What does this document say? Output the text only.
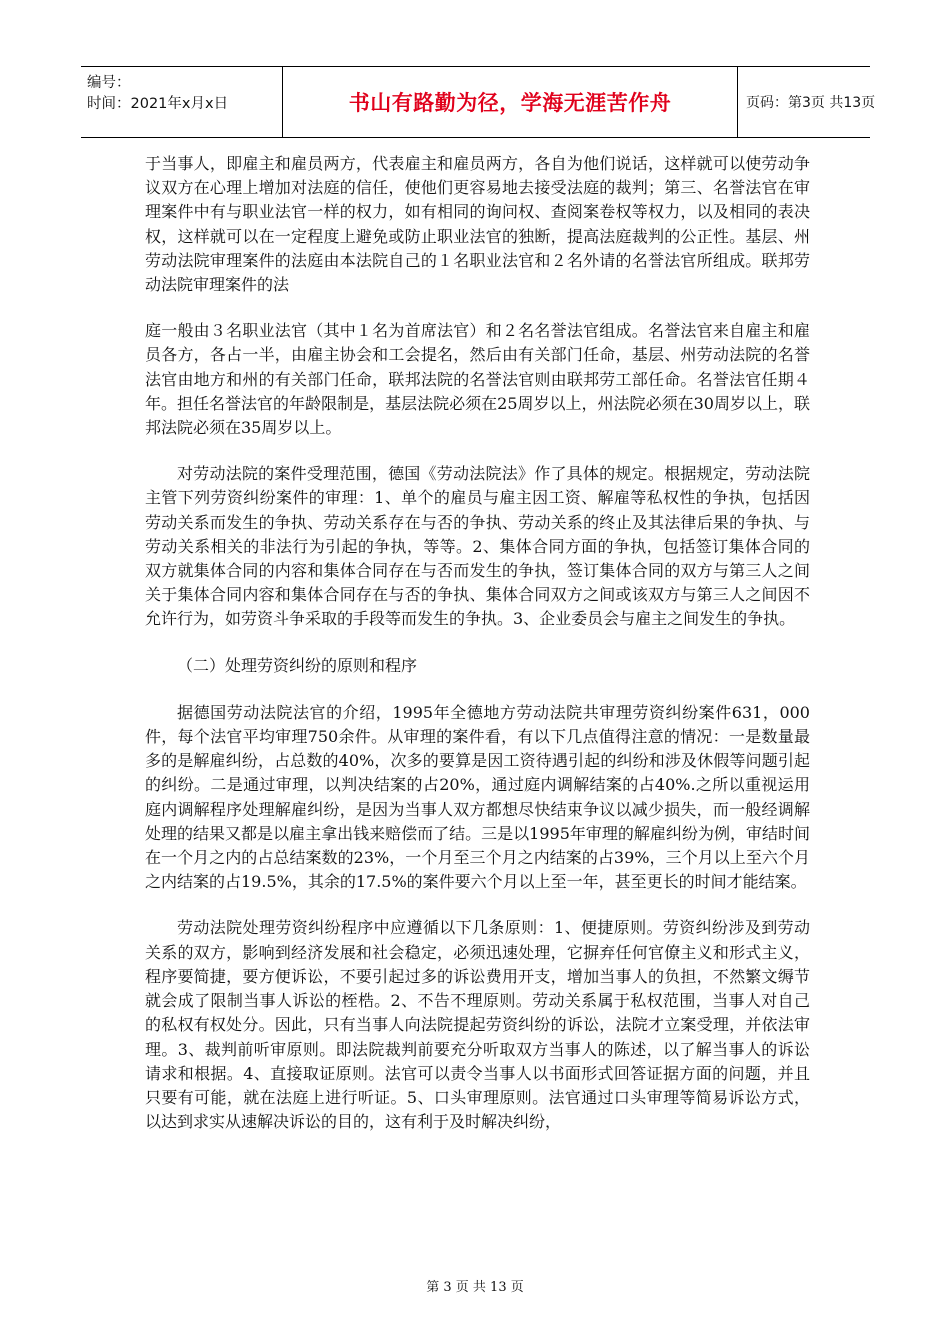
编号：
时间：2021年x月x日	书山有路勤为径，学海无涯苦作舟	页码：第3页 共13页

于当事人，即雇主和雇员两方，代表雇主和雇员两方，各自为他们说话，这样就可以使劳动争议双方在心理上增加对法庭的信任，使他们更容易地去接受法庭的裁判；第三、名誉法官在审理案件中有与职业法官一样的权力，如有相同的询问权、查阅案卷权等权力，以及相同的表决权，这样就可以在一定程度上避免或防止职业法官的独断，提高法庭裁判的公正性。基层、州劳动法院审理案件的法庭由本法院自己的１名职业法官和２名外请的名誉法官所组成。联邦劳动法院审理案件的法

庭一般由３名职业法官（其中１名为首席法官）和２名名誉法官组成。名誉法官来自雇主和雇员各方，各占一半，由雇主协会和工会提名，然后由有关部门任命，基层、州劳动法院的名誉法官由地方和州的有关部门任命，联邦法院的名誉法官则由联邦劳工部任命。名誉法官任期４年。担任名誉法官的年龄限制是，基层法院必须在25周岁以上，州法院必须在30周岁以上，联邦法院必须在35周岁以上。

对劳动法院的案件受理范围，德国《劳动法院法》作了具体的规定。根据规定，劳动法院主管下列劳资纠纷案件的审理：1、单个的雇员与雇主因工资、解雇等私权性的争执，包括因劳动关系而发生的争执、劳动关系存在与否的争执、劳动关系的终止及其法律后果的争执、与劳动关系相关的非法行为引起的争执，等等。2、集体合同方面的争执，包括签订集体合同的双方就集体合同的内容和集体合同存在与否而发生的争执，签订集体合同的双方与第三人之间关于集体合同内容和集体合同存在与否的争执、集体合同双方之间或该双方与第三人之间因不允许行为，如劳资斗争采取的手段等而发生的争执。3、企业委员会与雇主之间发生的争执。

（二）处理劳资纠纷的原则和程序

据德国劳动法院法官的介绍，1995年全德地方劳动法院共审理劳资纠纷案件631，000件，每个法官平均审理750余件。从审理的案件看，有以下几点值得注意的情况：一是数量最多的是解雇纠纷，占总数的40%，次多的要算是因工资待遇引起的纠纷和涉及休假等问题引起的纠纷。二是通过审理，以判决结案的占20%，通过庭内调解结案的占40%.之所以重视运用庭内调解程序处理解雇纠纷，是因为当事人双方都想尽快结束争议以减少损失，而一般经调解处理的结果又都是以雇主拿出钱来赔偿而了结。三是以1995年审理的解雇纠纷为例，审结时间在一个月之内的占总结案数的23%，一个月至三个月之内结案的占39%，三个月以上至六个月之内结案的占19.5%，其余的17.5%的案件要六个月以上至一年，甚至更长的时间才能结案。

劳动法院处理劳资纠纷程序中应遵循以下几条原则：1、便捷原则。劳资纠纷涉及到劳动关系的双方，影响到经济发展和社会稳定，必须迅速处理，它摒弃任何官僚主义和形式主义，程序要简捷，要方便诉讼，不要引起过多的诉讼费用开支，增加当事人的负担，不然繁文缛节就会成了限制当事人诉讼的桎梏。2、不告不理原则。劳动关系属于私权范围，当事人对自己的私权有权处分。因此，只有当事人向法院提起劳资纠纷的诉讼，法院才立案受理，并依法审理。3、裁判前听审原则。即法院裁判前要充分听取双方当事人的陈述，以了解当事人的诉讼请求和根据。4、直接取证原则。法官可以责令当事人以书面形式回答证据方面的问题，并且只要有可能，就在法庭上进行听证。5、口头审理原则。法官通过口头审理等简易诉讼方式，以达到求实从速解决诉讼的目的，这有利于及时解决纠纷，

第 3 页 共 13 页
